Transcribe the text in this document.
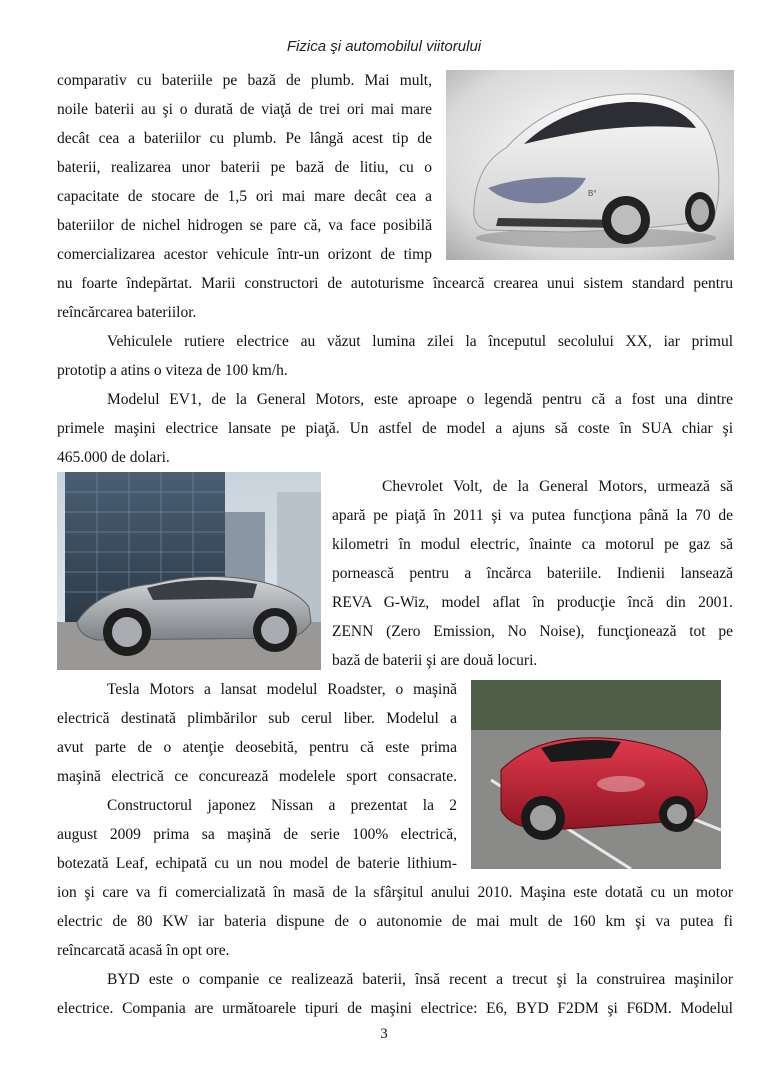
Fizica şi automobilul viitorului
comparativ cu bateriile pe bază de plumb. Mai mult,
noile baterii au şi o durată de viaţă de trei ori mai mare
decât cea a bateriilor cu plumb. Pe lângă acest tip de
baterii, realizarea unor baterii pe bază de litiu, cu o
capacitate de stocare de 1,5 ori mai mare decât cea a
bateriilor de nichel hidrogen se pare că, va face posibilă
comercializarea acestor vehicule într-un orizont de timp
nu foarte îndepărtat. Marii constructori de autoturisme încearcă crearea unui sistem standard pentru
reîncărcarea bateriilor.
Vehiculele rutiere electrice au văzut lumina zilei la începutul secolului XX, iar primul
prototip a atins o viteza de 100 km/h.
Modelul EV1, de la General Motors, este aproape o legendă pentru că a fost una dintre
primele maşini electrice lansate pe piaţă. Un astfel de model a ajuns să coste în SUA chiar şi
465.000 de dolari.
Chevrolet Volt, de la General Motors, urmează să
apară pe piaţă în 2011 şi va putea funcţiona până la 70 de
kilometri în modul electric, înainte ca motorul pe gaz să
pornească pentru a încărca bateriile. Indienii lansează
REVA G-Wiz, model aflat în producţie încă din 2001.
ZENN (Zero Emission, No Noise), funcţionează tot pe
bază de baterii şi are două locuri.
Tesla Motors a lansat modelul Roadster, o maşină
electrică destinată plimbărilor sub cerul liber. Modelul a
avut parte de o atenţie deosebită, pentru că este prima
maşină electrică ce concurează modelele sport consacrate.
Constructorul japonez Nissan a prezentat la 2
august 2009 prima sa maşină de serie 100% electrică,
botezată Leaf, echipată cu un nou model de baterie lithium-
ion şi care va fi comercializată în masă de la sfârşitul anului 2010. Maşina este dotată cu un motor
electric de 80 KW iar bateria dispune de o autonomie de mai mult de 160 km şi va putea fi
reîncarcată acasă în opt ore.
BYD este o companie ce realizează baterii, însă recent a trecut şi la construirea maşinilor
electrice. Compania are următoarele tipuri de maşini electrice: E6, BYD F2DM şi F6DM. Modelul
B°
3
